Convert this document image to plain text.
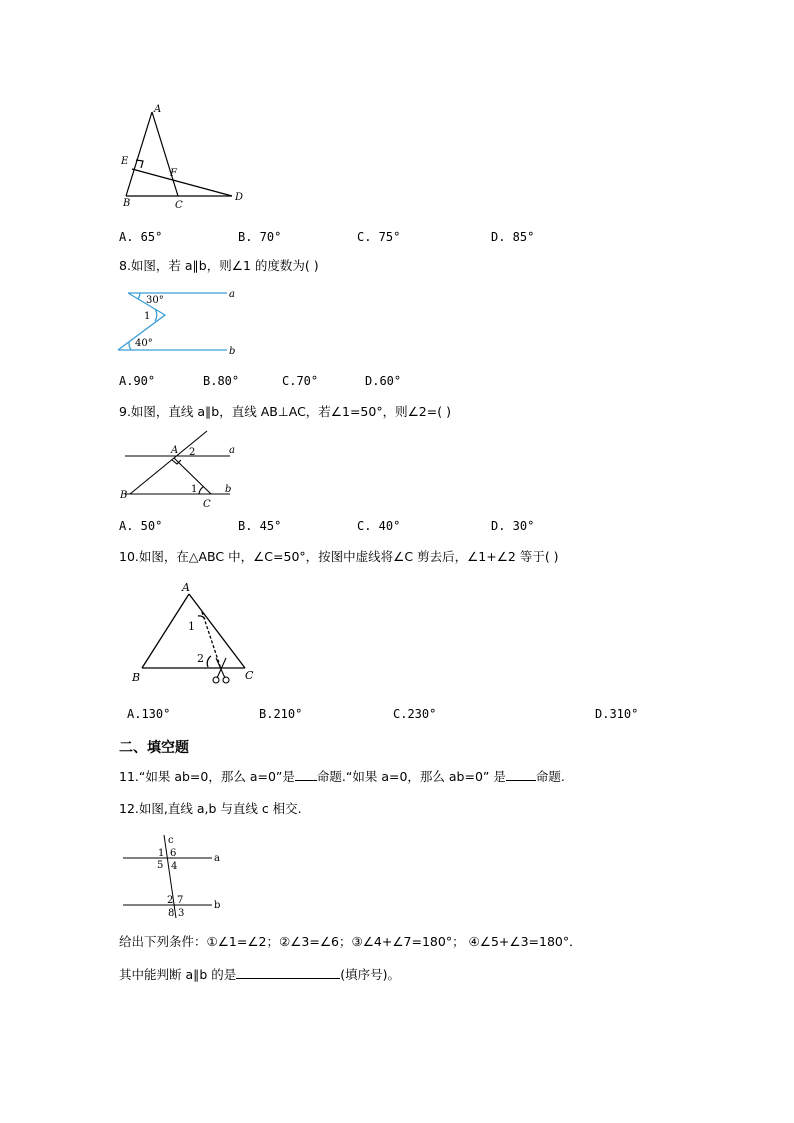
A
E
F
B	C
D
A. 65°	B. 70°	C. 75°	D. 85°
8.如图，若 a∥b，则∠1 的度数为( )
30°
1
40°
a
b
A.90°	B.80°	C.70°	D.60°
9.如图，直线 a∥b，直线 AB⊥AC，若∠1=50°，则∠2=( )
A 2	a
B
1	b
C
A. 50°	B. 45°	C. 40°	D. 30°
10.如图，在△ABC 中，∠C=50°，按图中虚线将∠C 剪去后，∠1+∠2 等于( )
A
1
2
B	C
A.130°	B.210°	C.230°	D.310°
二、填空题
11.“如果 ab=0，那么 a=0”是 命题.“如果 a=0，那么 ab=0” 是 命题.
12.如图,直线 a,b 与直线 c 相交.
c
a
b
1 6
5 4
2 7
8 3
给出下列条件：①∠1=∠2；②∠3=∠6；③∠4+∠7=180°； ④∠5+∠3=180°．
其中能判断 a∥b 的是	(填序号)。
